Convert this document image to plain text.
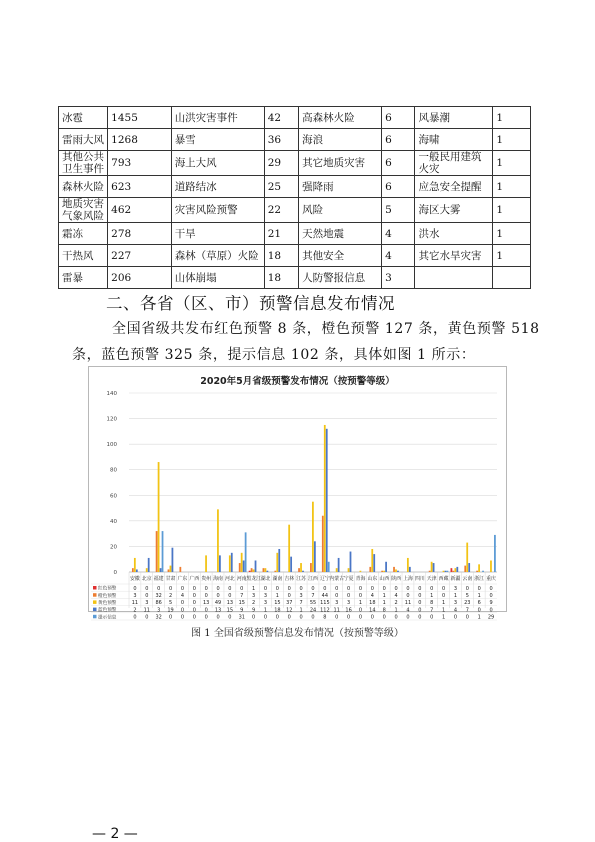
冰雹	1455	山洪灾害事件	42	高森林火险	6	风暴潮	1
雷雨大风	1268	暴雪	36	海浪	6	海啸	1
其他公共卫生事件	793	海上大风	29	其它地质灾害	6	一般民用建筑火灾	1
森林火险	623	道路结冰	25	强降雨	6	应急安全提醒	1
地质灾害气象风险	462	灾害风险预警	22	风险	5	海区大雾	1
霜冻	278	干旱	21	天然地震	4	洪水	1
干热风	227	森林（草原）火险	18	其他安全	4	其它水旱灾害	1
雷暴	206	山体崩塌	18	人防警报信息	3		
二、各省（区、市）预警信息发布情况
全国省级共发布红色预警 8 条，橙色预警 127 条，黄色预警 518 条，蓝色预警 325 条，提示信息 102 条，具体如图 1 所示：
2020年5月省级预警发布情况（按预警等级）
0
20
40
60
80
100
120
140
安徽 北京 福建 甘肃 广东 广西 贵州 海南 河北 河南 黑龙江 湖北 湖南 吉林 江苏 江西 辽宁 内蒙古 宁夏 青海 山东 山西 陕西 上海 四川 天津 西藏 新疆 云南 浙江 重庆
红色预警	0 0 0 0 0 0 0 0 0 0 1 0 0 0 0 0 0 0 0 0 0 0 0 0 0 0 0 3 0 0 0
橙色预警	3 0 32 2 4 0 0 0 0 7 3 3 1 0 3 7 44 0 0 0 4 1 4 0 0 1 0 1 5 1 0
黄色预警	11 3 86 5 0 0 13 49 13 15 2 3 15 37 7 55 115 3 3 1 18 1 2 11 0 8 1 3 23 6 9
蓝色预警	2 11 3 19 0 0 0 13 15 9 9 1 18 12 1 24 112 11 16 0 14 8 1 4 0 7 1 4 7 0 0
提示信息	0 0 32 0 0 0 0 0 0 31 0 0 0 0 0 0 8 0 0 0 0 0 0 0 0 0 1 0 0 1 29
图 1 全国省级预警信息发布情况（按预警等级）
— 2 —
